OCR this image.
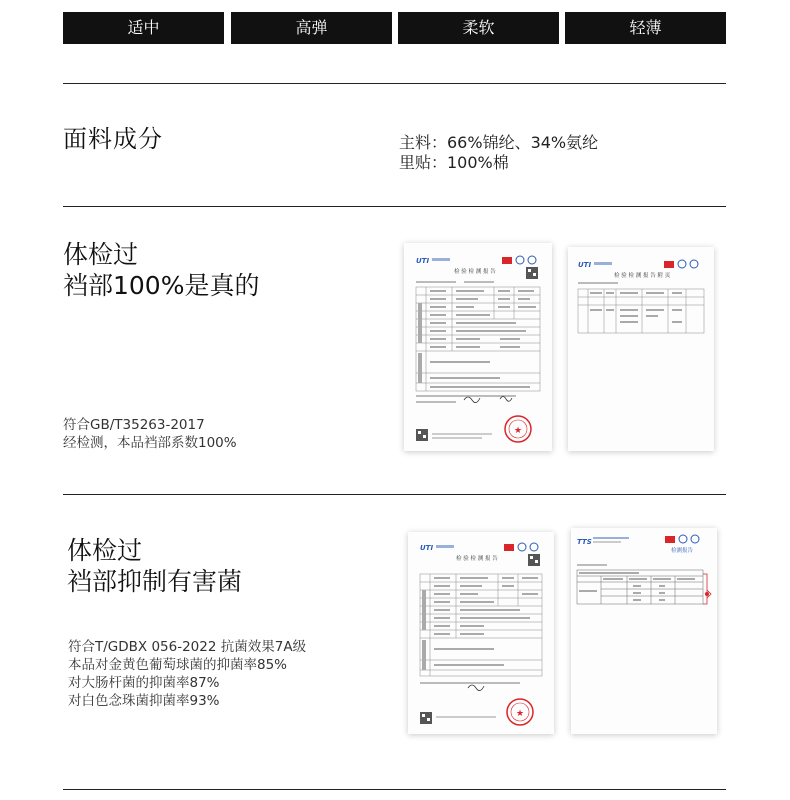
适中	高弹	柔软	轻薄
面料成分	主料：66%锦纶、34%氨纶
里贴：100%棉
体检过
裆部100%是真的
符合GB/T35263-2017
经检测，本品裆部系数100%
UTI
检 验 检 测 报 告
★
UTI
检 验 检 测 报 告 附 页
体检过
裆部抑制有害菌
符合T/GDBX 056-2022 抗菌效果7A级
本品对金黄色葡萄球菌的抑菌率85%
对大肠杆菌的抑菌率87%
对白色念珠菌抑菌率93%
UTI
检 验 检 测 报 告
★
TTS
检测报告
